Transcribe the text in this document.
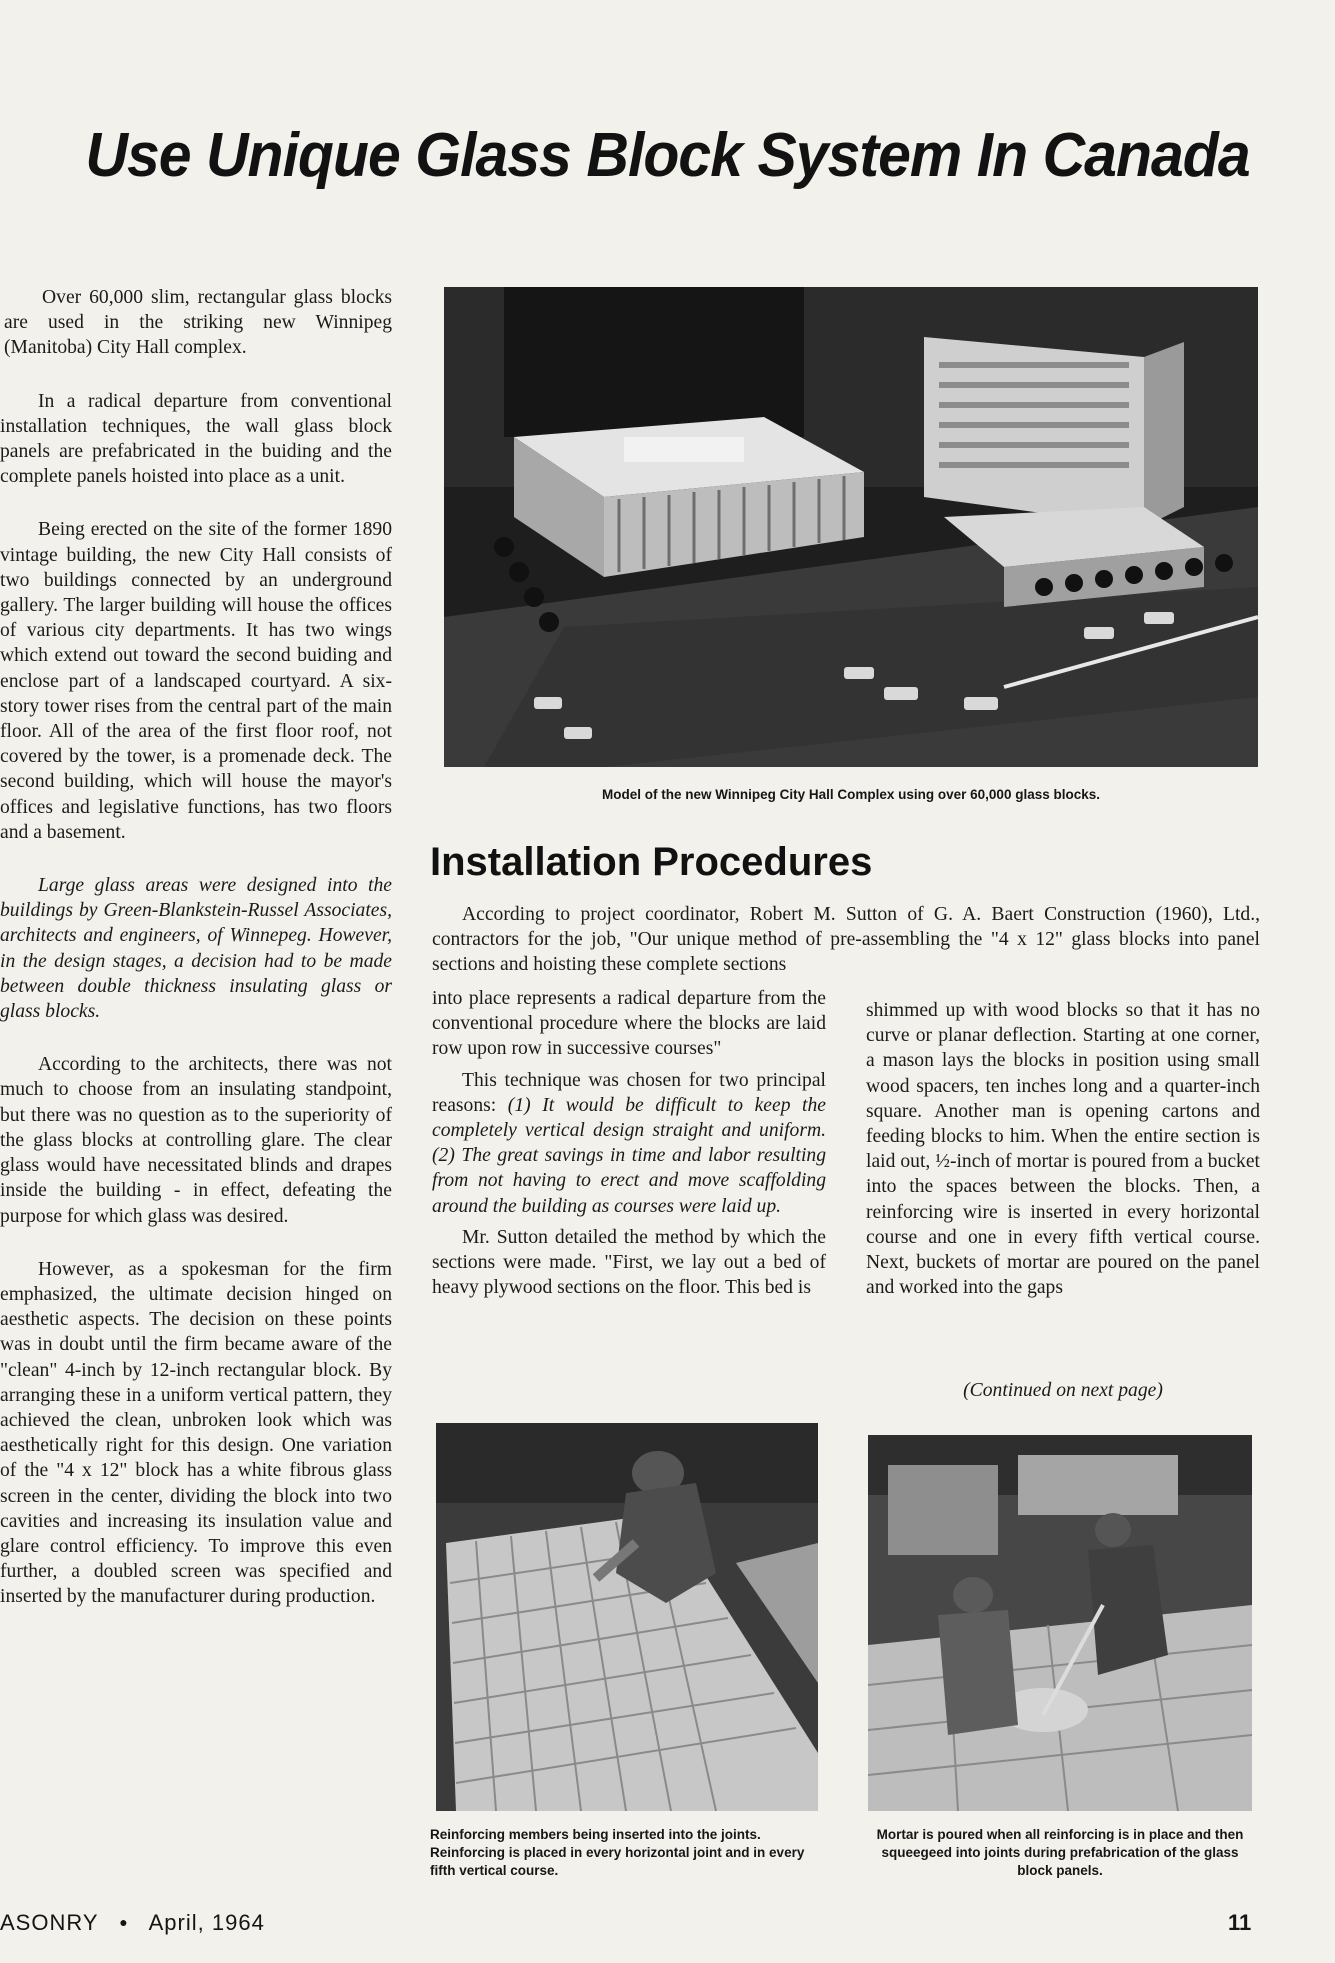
Use Unique Glass Block System In Canada

Over 60,000 slim, rectangular glass blocks are used in the striking new Winnipeg (Manitoba) City Hall complex.

In a radical departure from conventional installation techniques, the wall glass block panels are prefabricated in the buiding and the complete panels hoisted into place as a unit.

Being erected on the site of the former 1890 vintage building, the new City Hall consists of two buildings connected by an underground gallery. The larger building will house the offices of various city departments. It has two wings which extend out toward the second buiding and enclose part of a landscaped courtyard. A six-story tower rises from the central part of the main floor. All of the area of the first floor roof, not covered by the tower, is a promenade deck. The second building, which will house the mayor's offices and legislative functions, has two floors and a basement.

Large glass areas were designed into the buildings by Green-Blankstein-Russel Associates, architects and engineers, of Winnepeg. However, in the design stages, a decision had to be made between double thickness insulating glass or glass blocks.

According to the architects, there was not much to choose from an insulating standpoint, but there was no question as to the superiority of the glass blocks at controlling glare. The clear glass would have necessitated blinds and drapes inside the building - in effect, defeating the purpose for which glass was desired.

However, as a spokesman for the firm emphasized, the ultimate decision hinged on aesthetic aspects. The decision on these points was in doubt until the firm became aware of the "clean" 4-inch by 12-inch rectangular block. By arranging these in a uniform vertical pattern, they achieved the clean, unbroken look which was aesthetically right for this design. One variation of the "4 x 12" block has a white fibrous glass screen in the center, dividing the block into two cavities and increasing its insulation value and glare control efficiency. To improve this even further, a doubled screen was specified and inserted by the manufacturer during production.

Model of the new Winnipeg City Hall Complex using over 60,000 glass blocks.
Installation Procedures

According to project coordinator, Robert M. Sutton of G. A. Baert Construction (1960), Ltd., contractors for the job, "Our unique method of pre-assembling the "4 x 12" glass blocks into panel sections and hoisting these complete sections

into place represents a radical departure from the conventional procedure where the blocks are laid row upon row in successive courses"

This technique was chosen for two principal reasons: (1) It would be difficult to keep the completely vertical design straight and uniform. (2) The great savings in time and labor resulting from not having to erect and move scaffolding around the building as courses were laid up.

Mr. Sutton detailed the method by which the sections were made. "First, we lay out a bed of heavy plywood sections on the floor. This bed is

shimmed up with wood blocks so that it has no curve or planar deflection. Starting at one corner, a mason lays the blocks in position using small wood spacers, ten inches long and a quarter-inch square. Another man is opening cartons and feeding blocks to him. When the entire section is laid out, ½-inch of mortar is poured from a bucket into the spaces between the blocks. Then, a reinforcing wire is inserted in every horizontal course and one in every fifth vertical course. Next, buckets of mortar are poured on the panel and worked into the gaps

(Continued on next page)
Reinforcing members being inserted into the joints. Reinforcing is placed in every horizontal joint and in every fifth vertical course.
Mortar is poured when all reinforcing is in place and then squeegeed into joints during prefabrication of the glass block panels.
ASONRY ● April, 1964	11
